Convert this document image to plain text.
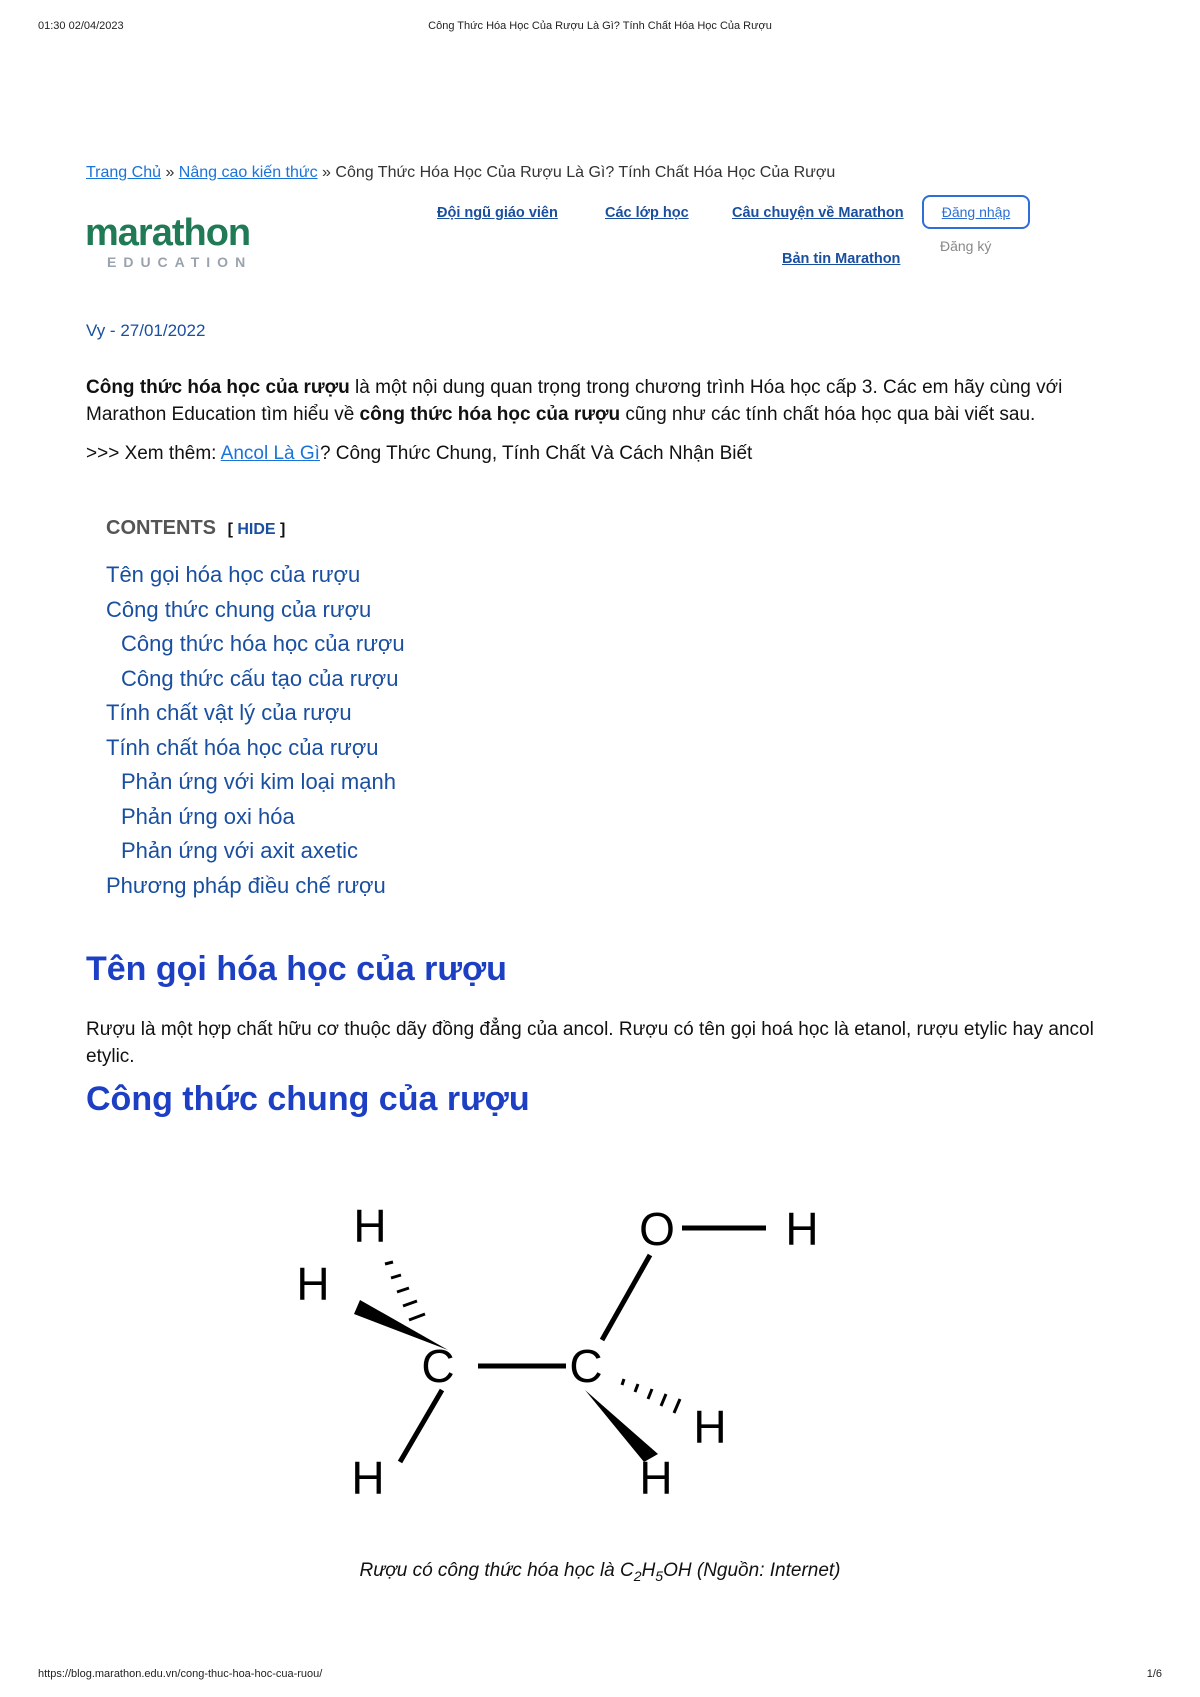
01:30 02/04/2023	Công Thức Hóa Học Của Rượu Là Gì? Tính Chất Hóa Học Của Rượu
Trang Chủ » Nâng cao kiến thức » Công Thức Hóa Học Của Rượu Là Gì? Tính Chất Hóa Học Của Rượu
marathon
EDUCATION
Đội ngũ giáo viên	Các lớp học	Câu chuyện về Marathon
Bản tin Marathon
Đăng nhập
Đăng ký
Vy - 27/01/2022

Công thức hóa học của rượu là một nội dung quan trọng trong chương trình Hóa học cấp 3. Các em hãy cùng với Marathon Education tìm hiểu về công thức hóa học của rượu cũng như các tính chất hóa học qua bài viết sau.

>>> Xem thêm: Ancol Là Gì? Công Thức Chung, Tính Chất Và Cách Nhận Biết
CONTENTS [ HIDE ]
Tên gọi hóa học của rượu
Công thức chung của rượu
Công thức hóa học của rượu
Công thức cấu tạo của rượu
Tính chất vật lý của rượu
Tính chất hóa học của rượu
Phản ứng với kim loại mạnh
Phản ứng oxi hóa
Phản ứng với axit axetic
Phương pháp điều chế rượu
Tên gọi hóa học của rượu

Rượu là một hợp chất hữu cơ thuộc dãy đồng đẳng của ancol. Rượu có tên gọi hoá học là etanol, rượu etylic hay ancol etylic.

Công thức chung của rượu
H
H
C C
O H
H
H	H
Rượu có công thức hóa học là $C_2H_5OH$ (Nguồn: Internet)
https://blog.marathon.edu.vn/cong-thuc-hoa-hoc-cua-ruou/	1/6
